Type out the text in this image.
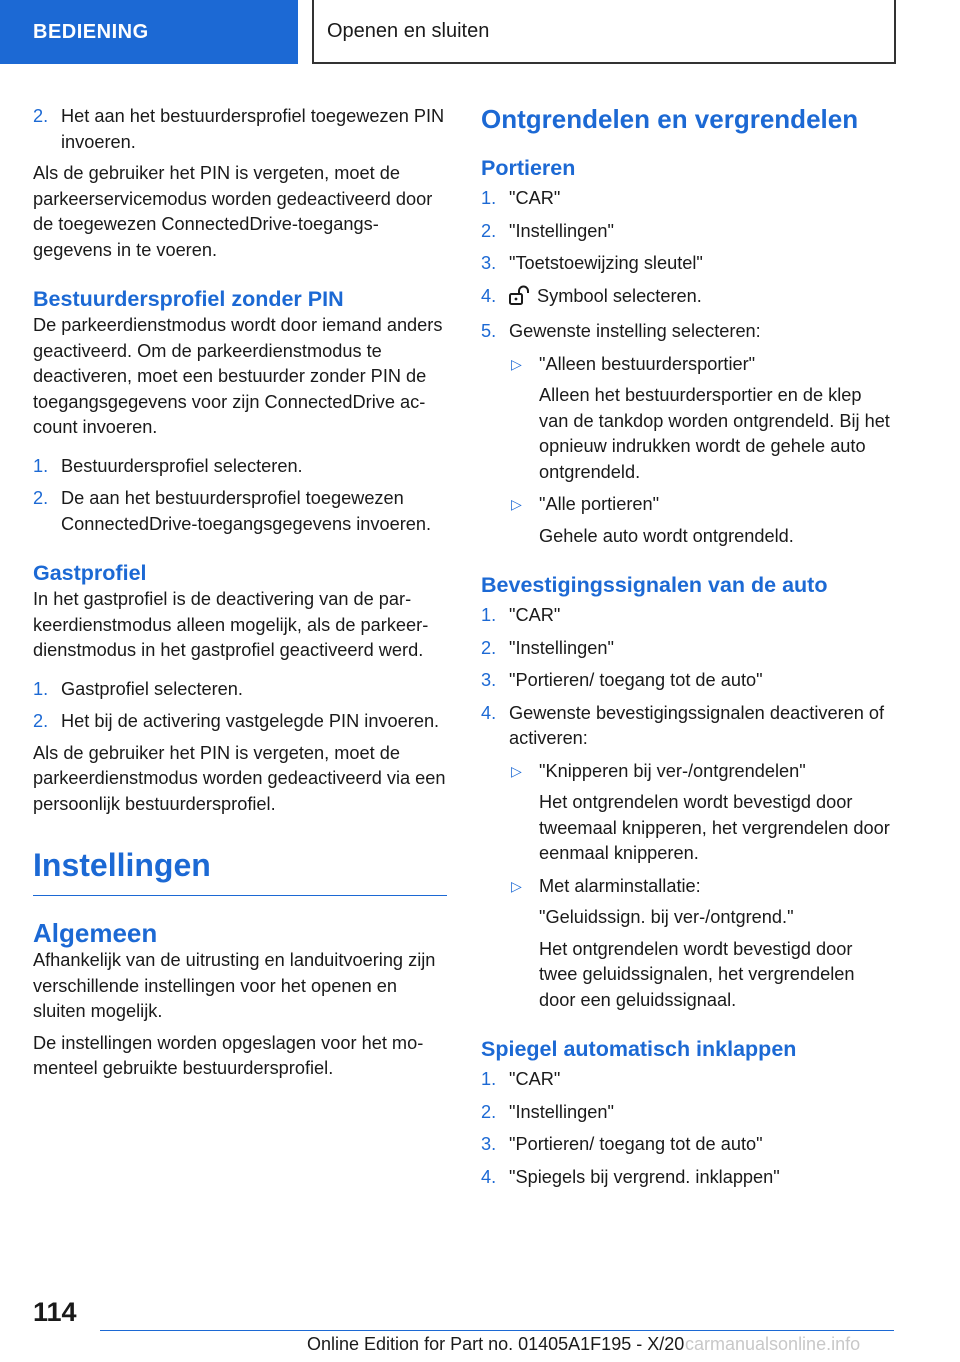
BEDIENING	Openen en sluiten
2. Het aan het bestuurdersprofiel toegewezen PIN invoeren.

Als de gebruiker het PIN is vergeten, moet de parkeerservicemodus worden gedeactiveerd door de toegewezen ConnectedDrive-toegangsgegevens in te voeren.

Bestuurdersprofiel zonder PIN

De parkeerdienstmodus wordt door iemand anders geactiveerd. Om de parkeerdienstmodus te deactiveren, moet een bestuurder zonder PIN de toegangsgegevens voor zijn ConnectedDrive account invoeren.

1. Bestuurdersprofiel selecteren.
2. De aan het bestuurdersprofiel toegewezen ConnectedDrive-toegangsgegevens invoeren.
Gastprofiel

In het gastprofiel is de deactivering van de parkeerdienstmodus alleen mogelijk, als de parkeerdienstmodus in het gastprofiel geactiveerd werd.

1. Gastprofiel selecteren.
2. Het bij de activering vastgelegde PIN invoeren.

Als de gebruiker het PIN is vergeten, moet de parkeerdienstmodus worden gedeactiveerd via een persoonlijk bestuurdersprofiel.

Instellingen
Algemeen

Afhankelijk van de uitrusting en landuitvoering zijn verschillende instellingen voor het openen en sluiten mogelijk.

De instellingen worden opgeslagen voor het momenteel gebruikte bestuurdersprofiel.

Ontgrendelen en vergrendelen
Portieren
1. "CAR"
2. "Instellingen"
3. "Toetstoewijzing sleutel"
4. Symbool selecteren.
5. Gewenste instelling selecteren:
▷ "Alleen bestuurdersportier"
Alleen het bestuurdersportier en de klep van de tankdop worden ontgrendeld. Bij het opnieuw indrukken wordt de gehele auto ontgrendeld.
▷ "Alle portieren"
Gehele auto wordt ontgrendeld.
Bevestigingssignalen van de auto
1. "CAR"
2. "Instellingen"
3. "Portieren/ toegang tot de auto"
4. Gewenste bevestigingssignalen deactiveren of activeren:
▷ "Knipperen bij ver-/ontgrendelen"
Het ontgrendelen wordt bevestigd door tweemaal knipperen, het vergrendelen door eenmaal knipperen.
▷ Met alarminstallatie:
"Geluidssign. bij ver-/ontgrend."
Het ontgrendelen wordt bevestigd door twee geluidssignalen, het vergrendelen door een geluidssignaal.
Spiegel automatisch inklappen
1. "CAR"
2. "Instellingen"
3. "Portieren/ toegang tot de auto"
4. "Spiegels bij vergrend. inklappen"
114
Online Edition for Part no. 01405A1F195 - X/20 carmanualsonline.info
